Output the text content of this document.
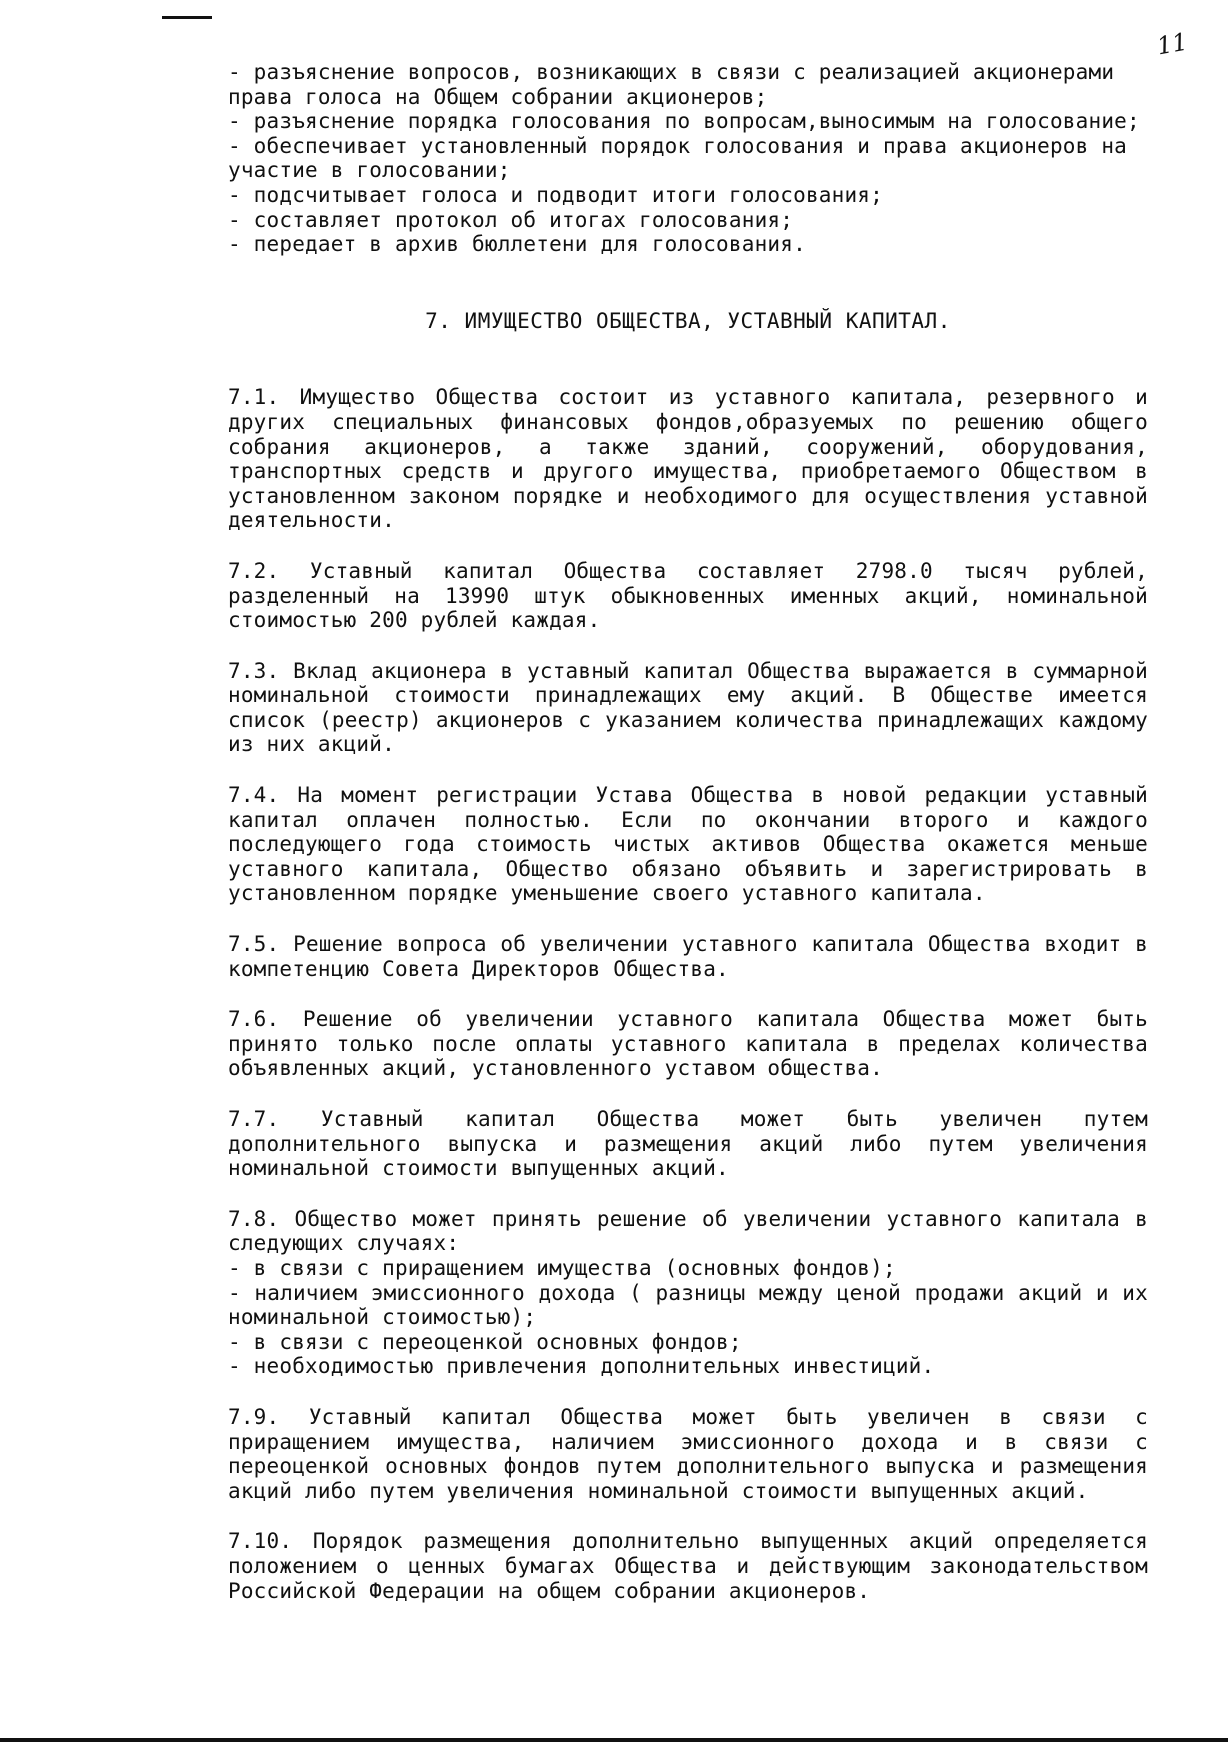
11
- разъяснение вопросов, возникающих в связи с реализацией акционерами права голоса на Общем собрании акционеров;
- разъяснение порядка голосования по вопросам,выносимым на голосование;
- обеспечивает установленный порядок голосования и права акционеров на участие в голосовании;
- подсчитывает голоса и подводит итоги голосования;
- составляет протокол об итогах голосования;
- передает в архив бюллетени для голосования.
7. ИМУЩЕСТВО ОБЩЕСТВА, УСТАВНЫЙ КАПИТАЛ.
7.1. Имущество Общества состоит из уставного капитала, резервного и других специальных финансовых фондов,образуемых по решению общего собрания акционеров, а также зданий, сооружений, оборудования, транспортных средств и другого имущества, приобретаемого Обществом в установленном законом порядке и необходимого для осуществления уставной деятельности.
7.2. Уставный капитал Общества составляет 2798.0 тысяч рублей, разделенный на 13990 штук обыкновенных именных акций, номинальной стоимостью 200 рублей каждая.
7.3. Вклад акционера в уставный капитал Общества выражается в суммарной номинальной стоимости принадлежащих ему акций. В Обществе имеется список (реестр) акционеров с указанием количества принадлежащих каждому из них акций.
7.4. На момент регистрации Устава Общества в новой редакции уставный капитал оплачен полностью. Если по окончании второго и каждого последующего года стоимость чистых активов Общества окажется меньше уставного капитала, Общество обязано объявить и зарегистрировать в установленном порядке уменьшение своего уставного капитала.
7.5. Решение вопроса об увеличении уставного капитала Общества входит в компетенцию Совета Директоров Общества.
7.6. Решение об увеличении уставного капитала Общества может быть принято только после оплаты уставного капитала в пределах количества объявленных акций, установленного уставом общества.
7.7. Уставный капитал Общества может быть увеличен путем дополнительного выпуска и размещения акций либо путем увеличения номинальной стоимости выпущенных акций.
7.8. Общество может принять решение об увеличении уставного капитала в следующих случаях:
- в связи с приращением имущества (основных фондов);
- наличием эмиссионного дохода ( разницы между ценой продажи акций и их номинальной стоимостью);
- в связи с переоценкой основных фондов;
- необходимостью привлечения дополнительных инвестиций.
7.9. Уставный капитал Общества может быть увеличен в связи с приращением имущества, наличием эмиссионного дохода и в связи с переоценкой основных фондов путем дополнительного выпуска и размещения акций либо путем увеличения номинальной стоимости выпущенных акций.
7.10. Порядок размещения дополнительно выпущенных акций определяется положением о ценных бумагах Общества и действующим законодательством Российской Федерации на общем собрании акционеров.
